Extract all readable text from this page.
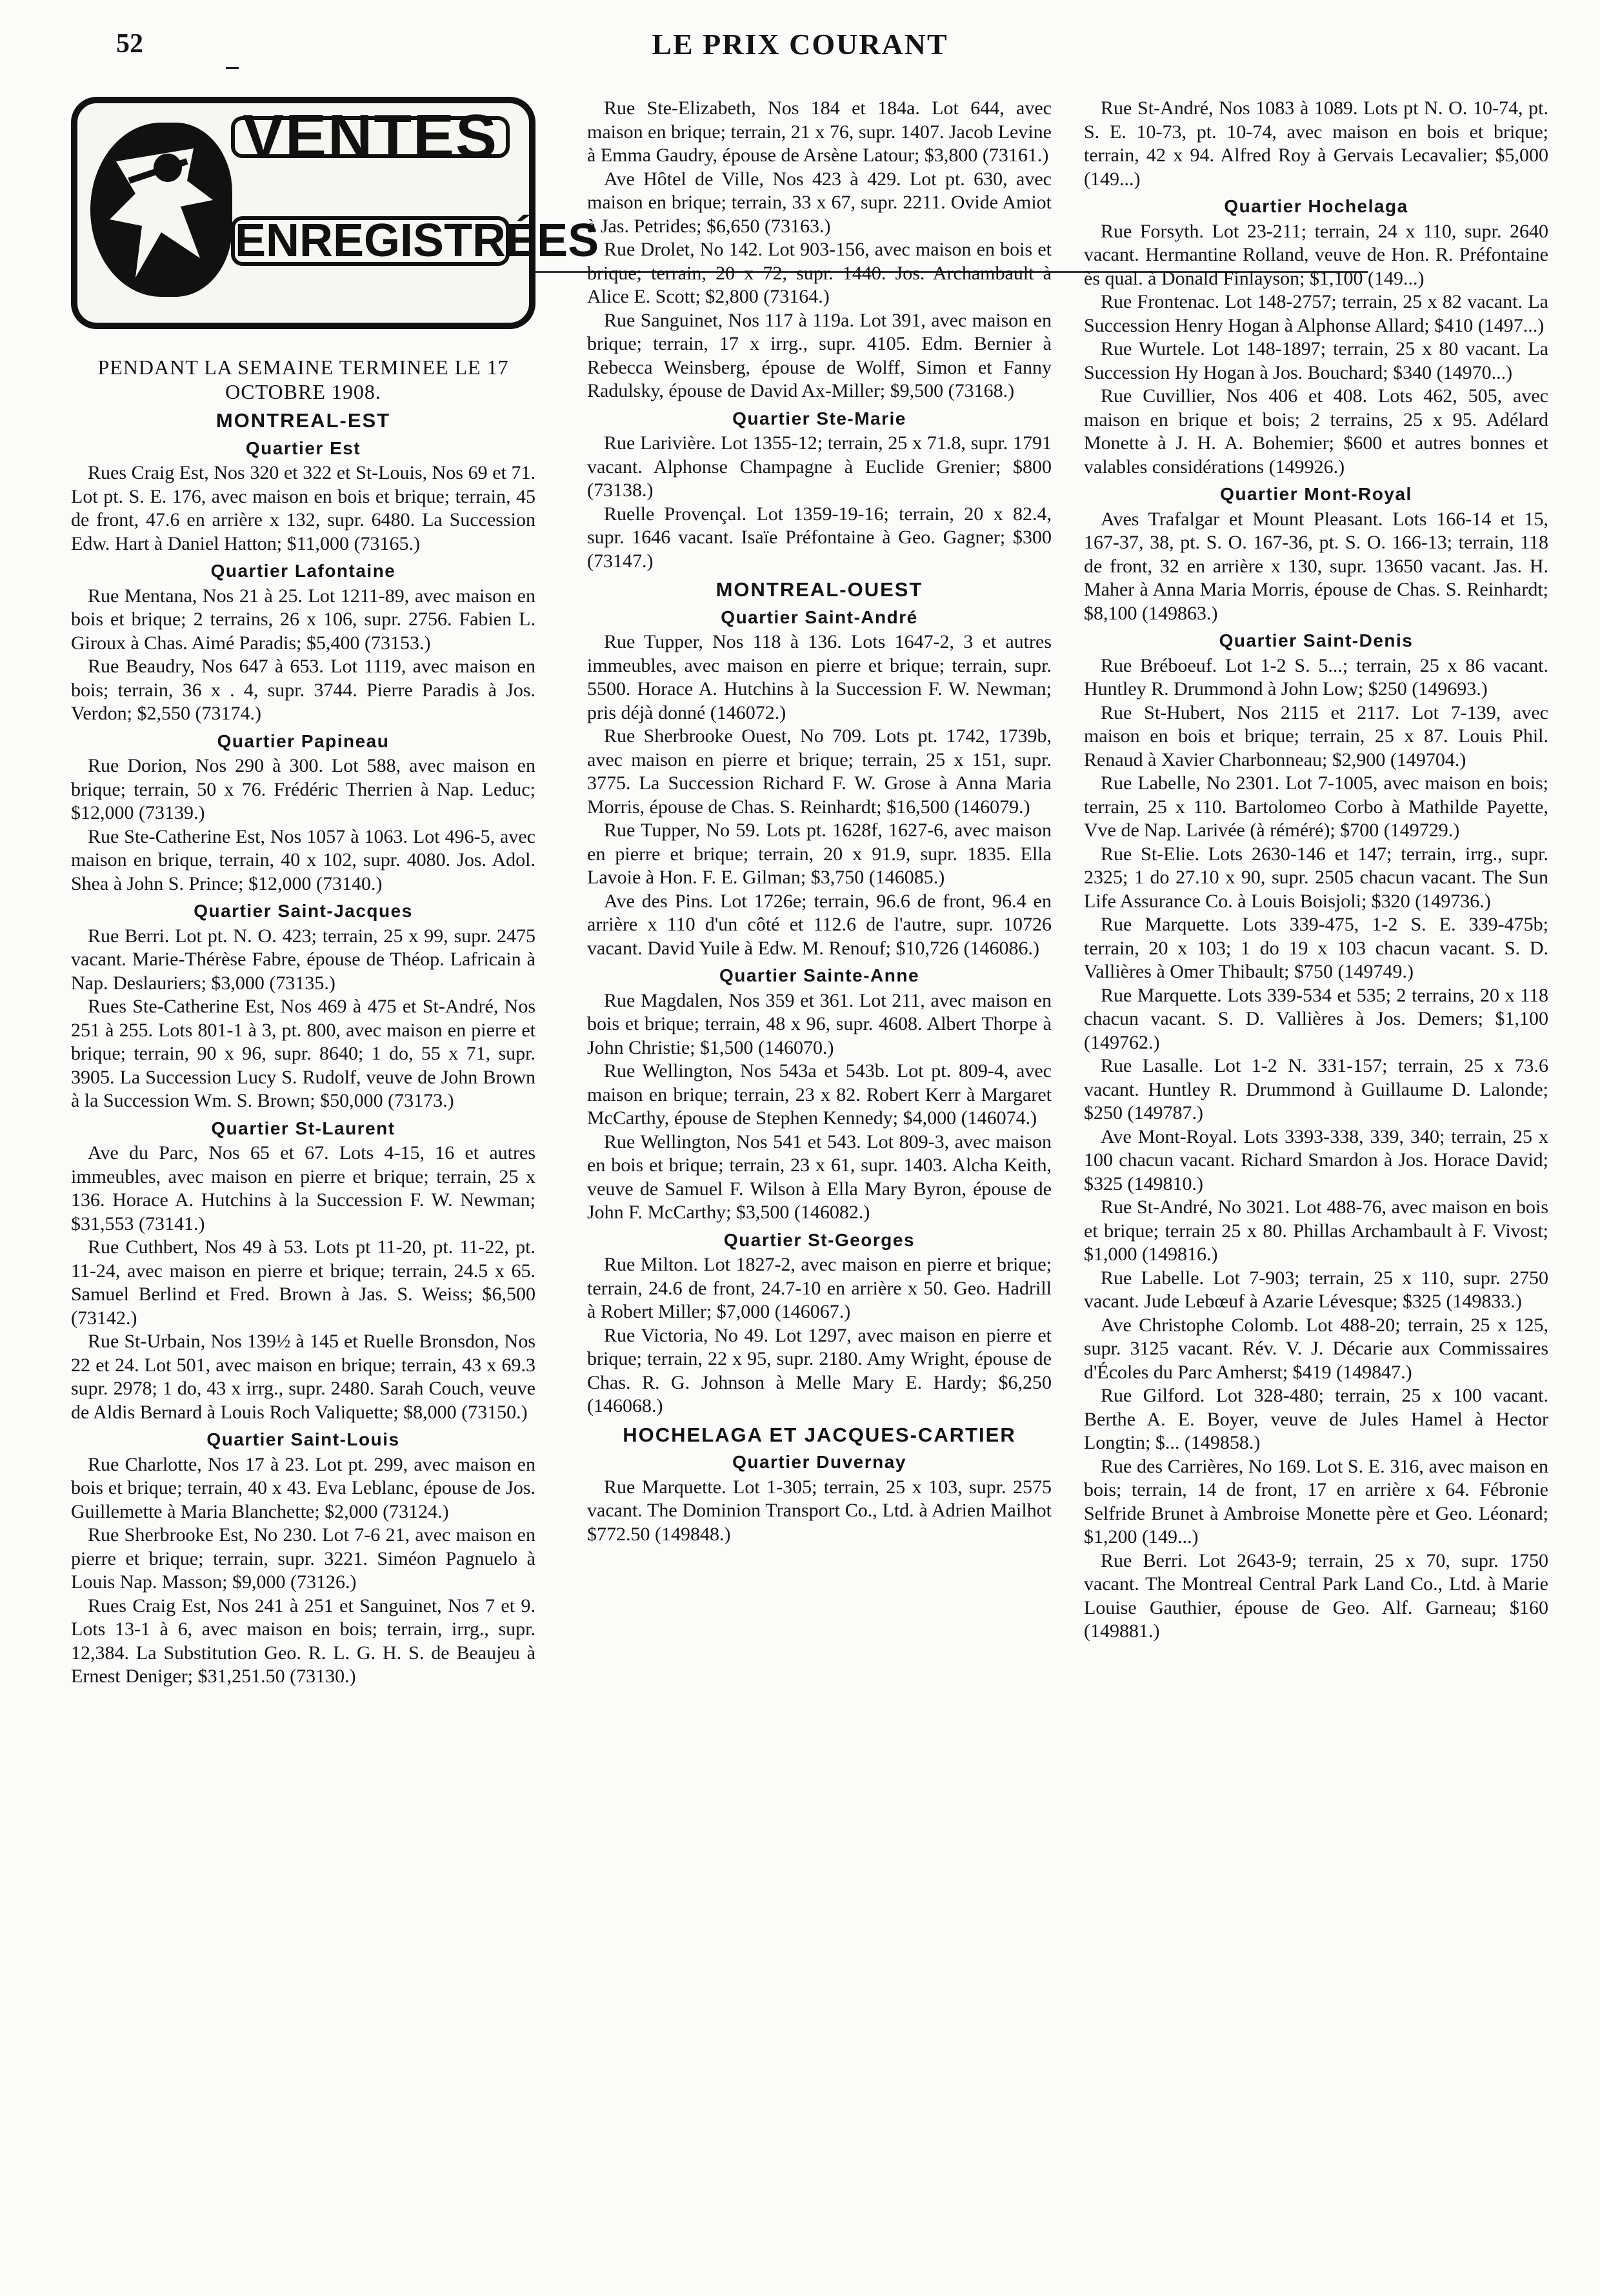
52	LE PRIX COURANT
VENTES
ENREGISTRÉES

PENDANT LA SEMAINE TERMINEE LE 17 OCTOBRE 1908.

MONTREAL-EST

Quartier Est

Rues Craig Est, Nos 320 et 322 et St-Louis, Nos 69 et 71. Lot pt. S. E. 176, avec maison en bois et brique; terrain, 45 de front, 47.6 en arrière x 132, supr. 6480. La Succession Edw. Hart à Daniel Hatton; $11,000 (73165.)

Quartier Lafontaine

Rue Mentana, Nos 21 à 25. Lot 1211-89, avec maison en bois et brique; 2 terrains, 26 x 106, supr. 2756. Fabien L. Giroux à Chas. Aimé Paradis; $5,400 (73153.)

Rue Beaudry, Nos 647 à 653. Lot 1119, avec maison en bois; terrain, 36 x . 4, supr. 3744. Pierre Paradis à Jos. Verdon; $2,550 (73174.)

Quartier Papineau

Rue Dorion, Nos 290 à 300. Lot 588, avec maison en brique; terrain, 50 x 76. Frédéric Therrien à Nap. Leduc; $12,000 (73139.)

Rue Ste-Catherine Est, Nos 1057 à 1063. Lot 496-5, avec maison en brique, terrain, 40 x 102, supr. 4080. Jos. Adol. Shea à John S. Prince; $12,000 (73140.)

Quartier Saint-Jacques

Rue Berri. Lot pt. N. O. 423; terrain, 25 x 99, supr. 2475 vacant. Marie-Thérèse Fabre, épouse de Théop. Lafricain à Nap. Deslauriers; $3,000 (73135.)

Rues Ste-Catherine Est, Nos 469 à 475 et St-André, Nos 251 à 255. Lots 801-1 à 3, pt. 800, avec maison en pierre et brique; terrain, 90 x 96, supr. 8640; 1 do, 55 x 71, supr. 3905. La Succession Lucy S. Rudolf, veuve de John Brown à la Succession Wm. S. Brown; $50,000 (73173.)

Quartier St-Laurent

Ave du Parc, Nos 65 et 67. Lots 4-15, 16 et autres immeubles, avec maison en pierre et brique; terrain, 25 x 136. Horace A. Hutchins à la Succession F. W. Newman; $31,553 (73141.)

Rue Cuthbert, Nos 49 à 53. Lots pt 11-20, pt. 11-22, pt. 11-24, avec maison en pierre et brique; terrain, 24.5 x 65. Samuel Berlind et Fred. Brown à Jas. S. Weiss; $6,500 (73142.)

Rue St-Urbain, Nos 139½ à 145 et Ruelle Bronsdon, Nos 22 et 24. Lot 501, avec maison en brique; terrain, 43 x 69.3 supr. 2978; 1 do, 43 x irrg., supr. 2480. Sarah Couch, veuve de Aldis Bernard à Louis Roch Valiquette; $8,000 (73150.)

Quartier Saint-Louis

Rue Charlotte, Nos 17 à 23. Lot pt. 299, avec maison en bois et brique; terrain, 40 x 43. Eva Leblanc, épouse de Jos. Guillemette à Maria Blanchette; $2,000 (73124.)

Rue Sherbrooke Est, No 230. Lot 7-6 21, avec maison en pierre et brique; terrain, supr. 3221. Siméon Pagnuelo à Louis Nap. Masson; $9,000 (73126.)

Rues Craig Est, Nos 241 à 251 et Sanguinet, Nos 7 et 9. Lots 13-1 à 6, avec maison en bois; terrain, irrg., supr. 12,384. La Substitution Geo. R. L. G. H. S. de Beaujeu à Ernest Deniger; $31,251.50 (73130.)

Rue Ste-Elizabeth, Nos 184 et 184a. Lot 644, avec maison en brique; terrain, 21 x 76, supr. 1407. Jacob Levine à Emma Gaudry, épouse de Arsène Latour; $3,800 (73161.)

Ave Hôtel de Ville, Nos 423 à 429. Lot pt. 630, avec maison en brique; terrain, 33 x 67, supr. 2211. Ovide Amiot à Jas. Petrides; $6,650 (73163.)

Rue Drolet, No 142. Lot 903-156, avec maison en bois et brique; terrain, 20 x 72, supr. 1440. Jos. Archambault à Alice E. Scott; $2,800 (73164.)

Rue Sanguinet, Nos 117 à 119a. Lot 391, avec maison en brique; terrain, 17 x irrg., supr. 4105. Edm. Bernier à Rebecca Weinsberg, épouse de Wolff, Simon et Fanny Radulsky, épouse de David Ax-Miller; $9,500 (73168.)

Quartier Ste-Marie

Rue Larivière. Lot 1355-12; terrain, 25 x 71.8, supr. 1791 vacant. Alphonse Champagne à Euclide Grenier; $800 (73138.)

Ruelle Provençal. Lot 1359-19-16; terrain, 20 x 82.4, supr. 1646 vacant. Isaïe Préfontaine à Geo. Gagner; $300 (73147.)

MONTREAL-OUEST

Quartier Saint-André

Rue Tupper, Nos 118 à 136. Lots 1647-2, 3 et autres immeubles, avec maison en pierre et brique; terrain, supr. 5500. Horace A. Hutchins à la Succession F. W. Newman; pris déjà donné (146072.)

Rue Sherbrooke Ouest, No 709. Lots pt. 1742, 1739b, avec maison en pierre et brique; terrain, 25 x 151, supr. 3775. La Succession Richard F. W. Grose à Anna Maria Morris, épouse de Chas. S. Reinhardt; $16,500 (146079.)

Rue Tupper, No 59. Lots pt. 1628f, 1627-6, avec maison en pierre et brique; terrain, 20 x 91.9, supr. 1835. Ella Lavoie à Hon. F. E. Gilman; $3,750 (146085.)

Ave des Pins. Lot 1726e; terrain, 96.6 de front, 96.4 en arrière x 110 d'un côté et 112.6 de l'autre, supr. 10726 vacant. David Yuile à Edw. M. Renouf; $10,726 (146086.)

Quartier Sainte-Anne

Rue Magdalen, Nos 359 et 361. Lot 211, avec maison en bois et brique; terrain, 48 x 96, supr. 4608. Albert Thorpe à John Christie; $1,500 (146070.)

Rue Wellington, Nos 543a et 543b. Lot pt. 809-4, avec maison en brique; terrain, 23 x 82. Robert Kerr à Margaret McCarthy, épouse de Stephen Kennedy; $4,000 (146074.)

Rue Wellington, Nos 541 et 543. Lot 809-3, avec maison en bois et brique; terrain, 23 x 61, supr. 1403. Alcha Keith, veuve de Samuel F. Wilson à Ella Mary Byron, épouse de John F. McCarthy; $3,500 (146082.)

Quartier St-Georges

Rue Milton. Lot 1827-2, avec maison en pierre et brique; terrain, 24.6 de front, 24.7-10 en arrière x 50. Geo. Hadrill à Robert Miller; $7,000 (146067.)

Rue Victoria, No 49. Lot 1297, avec maison en pierre et brique; terrain, 22 x 95, supr. 2180. Amy Wright, épouse de Chas. R. G. Johnson à Melle Mary E. Hardy; $6,250 (146068.)

HOCHELAGA ET JACQUES-CARTIER

Quartier Duvernay

Rue Marquette. Lot 1-305; terrain, 25 x 103, supr. 2575 vacant. The Dominion Transport Co., Ltd. à Adrien Mailhot $772.50 (149848.)

Rue St-André, Nos 1083 à 1089. Lots pt N. O. 10-74, pt. S. E. 10-73, pt. 10-74, avec maison en bois et brique; terrain, 42 x 94. Alfred Roy à Gervais Lecavalier; $5,000 (149...)

Quartier Hochelaga

Rue Forsyth. Lot 23-211; terrain, 24 x 110, supr. 2640 vacant. Hermantine Rolland, veuve de Hon. R. Préfontaine ès qual. à Donald Finlayson; $1,100 (149...)

Rue Frontenac. Lot 148-2757; terrain, 25 x 82 vacant. La Succession Henry Hogan à Alphonse Allard; $410 (1497...)

Rue Wurtele. Lot 148-1897; terrain, 25 x 80 vacant. La Succession Hy Hogan à Jos. Bouchard; $340 (14970...)

Rue Cuvillier, Nos 406 et 408. Lots 462, 505, avec maison en brique et bois; 2 terrains, 25 x 95. Adélard Monette à J. H. A. Bohemier; $600 et autres bonnes et valables considérations (149926.)

Quartier Mont-Royal

Aves Trafalgar et Mount Pleasant. Lots 166-14 et 15, 167-37, 38, pt. S. O. 167-36, pt. S. O. 166-13; terrain, 118 de front, 32 en arrière x 130, supr. 13650 vacant. Jas. H. Maher à Anna Maria Morris, épouse de Chas. S. Reinhardt; $8,100 (149863.)

Quartier Saint-Denis

Rue Bréboeuf. Lot 1-2 S. 5...; terrain, 25 x 86 vacant. Huntley R. Drummond à John Low; $250 (149693.)

Rue St-Hubert, Nos 2115 et 2117. Lot 7-139, avec maison en bois et brique; terrain, 25 x 87. Louis Phil. Renaud à Xavier Charbonneau; $2,900 (149704.)

Rue Labelle, No 2301. Lot 7-1005, avec maison en bois; terrain, 25 x 110. Bartolomeo Corbo à Mathilde Payette, Vve de Nap. Larivée (à réméré); $700 (149729.)

Rue St-Elie. Lots 2630-146 et 147; terrain, irrg., supr. 2325; 1 do 27.10 x 90, supr. 2505 chacun vacant. The Sun Life Assurance Co. à Louis Boisjoli; $320 (149736.)

Rue Marquette. Lots 339-475, 1-2 S. E. 339-475b; terrain, 20 x 103; 1 do 19 x 103 chacun vacant. S. D. Vallières à Omer Thibault; $750 (149749.)

Rue Marquette. Lots 339-534 et 535; 2 terrains, 20 x 118 chacun vacant. S. D. Vallières à Jos. Demers; $1,100 (149762.)

Rue Lasalle. Lot 1-2 N. 331-157; terrain, 25 x 73.6 vacant. Huntley R. Drummond à Guillaume D. Lalonde; $250 (149787.)

Ave Mont-Royal. Lots 3393-338, 339, 340; terrain, 25 x 100 chacun vacant. Richard Smardon à Jos. Horace David; $325 (149810.)

Rue St-André, No 3021. Lot 488-76, avec maison en bois et brique; terrain 25 x 80. Phillas Archambault à F. Vivost; $1,000 (149816.)

Rue Labelle. Lot 7-903; terrain, 25 x 110, supr. 2750 vacant. Jude Lebœuf à Azarie Lévesque; $325 (149833.)

Ave Christophe Colomb. Lot 488-20; terrain, 25 x 125, supr. 3125 vacant. Rév. V. J. Décarie aux Commissaires d'Écoles du Parc Amherst; $419 (149847.)

Rue Gilford. Lot 328-480; terrain, 25 x 100 vacant. Berthe A. E. Boyer, veuve de Jules Hamel à Hector Longtin; $... (149858.)

Rue des Carrières, No 169. Lot S. E. 316, avec maison en bois; terrain, 14 de front, 17 en arrière x 64. Fébronie Selfride Brunet à Ambroise Monette père et Geo. Léonard; $1,200 (149...)

Rue Berri. Lot 2643-9; terrain, 25 x 70, supr. 1750 vacant. The Montreal Central Park Land Co., Ltd. à Marie Louise Gauthier, épouse de Geo. Alf. Garneau; $160 (149881.)
